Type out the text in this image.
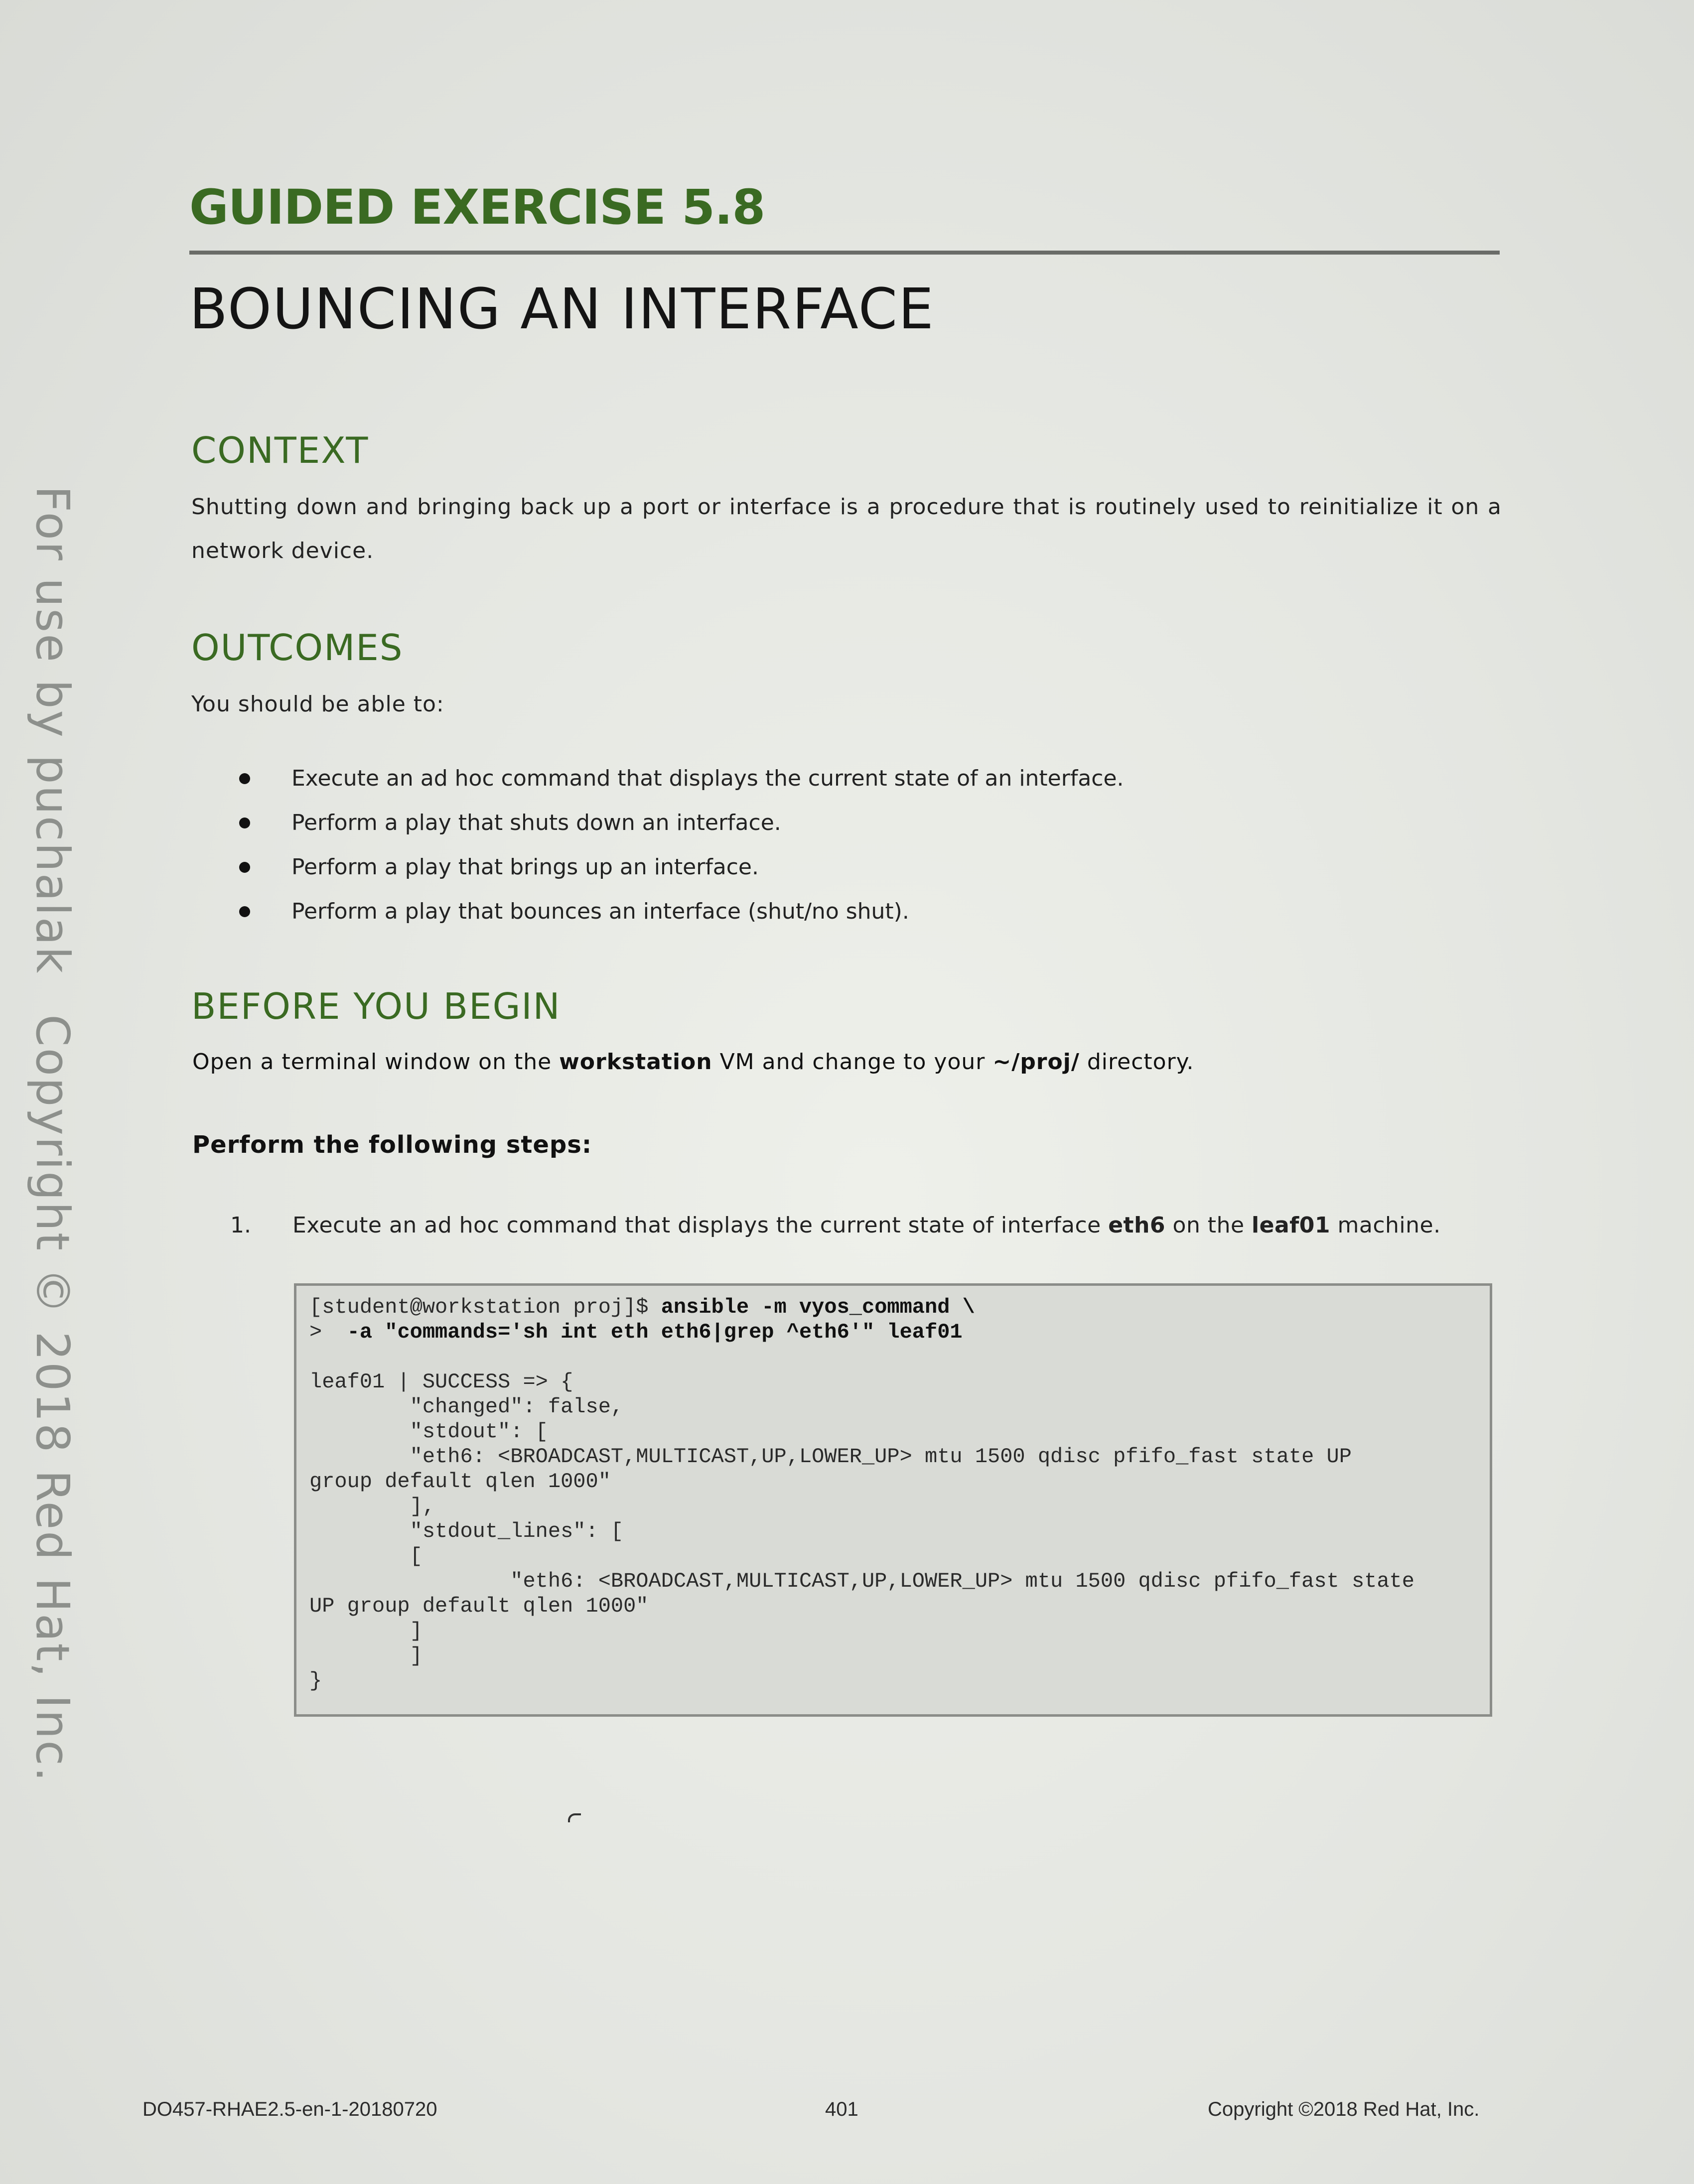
For use by puchalakCopyright © 2018 Red Hat, Inc.
GUIDED EXERCISE 5.8
BOUNCING AN INTERFACE
CONTEXT
Shutting down and bringing back up a port or interface is a procedure that is routinely used to reinitialize it on a network device.
OUTCOMES
You should be able to:
Execute an ad hoc command that displays the current state of an interface.
Perform a play that shuts down an interface.
Perform a play that brings up an interface.
Perform a play that bounces an interface (shut/no shut).
BEFORE YOU BEGIN
Open a terminal window on the workstation VM and change to your ~/proj/ directory.
Perform the following steps:
1. Execute an ad hoc command that displays the current state of interface eth6 on the leaf01 machine.
[student@workstation proj]$ ansible -m vyos_command \
>  -a "commands='sh int eth eth6|grep ^eth6'" leaf01

leaf01 | SUCCESS => {
"changed": false,
"stdout": [
"eth6: <BROADCAST,MULTICAST,UP,LOWER_UP> mtu 1500 qdisc pfifo_fast state UP
group default qlen 1000"
],
"stdout_lines": [
[
"eth6: <BROADCAST,MULTICAST,UP,LOWER_UP> mtu 1500 qdisc pfifo_fast state
UP group default qlen 1000"
]
]
}
DO457-RHAE2.5-en-1-20180720	401	Copyright ©2018 Red Hat, Inc.
